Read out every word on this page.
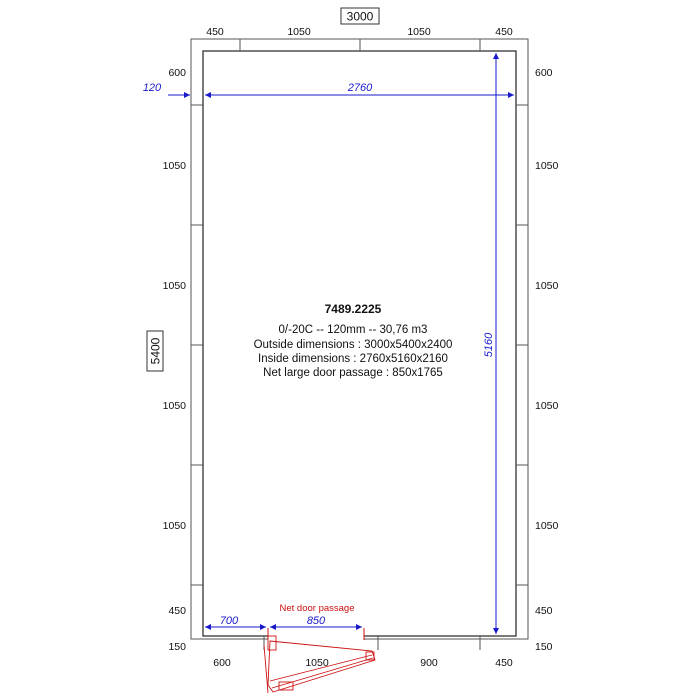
3000
5400
450	1050	1050	450
600	1050	900	450
600
1050
1050
1050
1050
450
150
600
1050
1050
1050
1050
450
150
2760
120
5160
700	850
Net door passage
7489.2225
0/-20C -- 120mm -- 30,76 m3
Outside dimensions : 3000x5400x2400
Inside dimensions : 2760x5160x2160
Net large door passage : 850x1765
